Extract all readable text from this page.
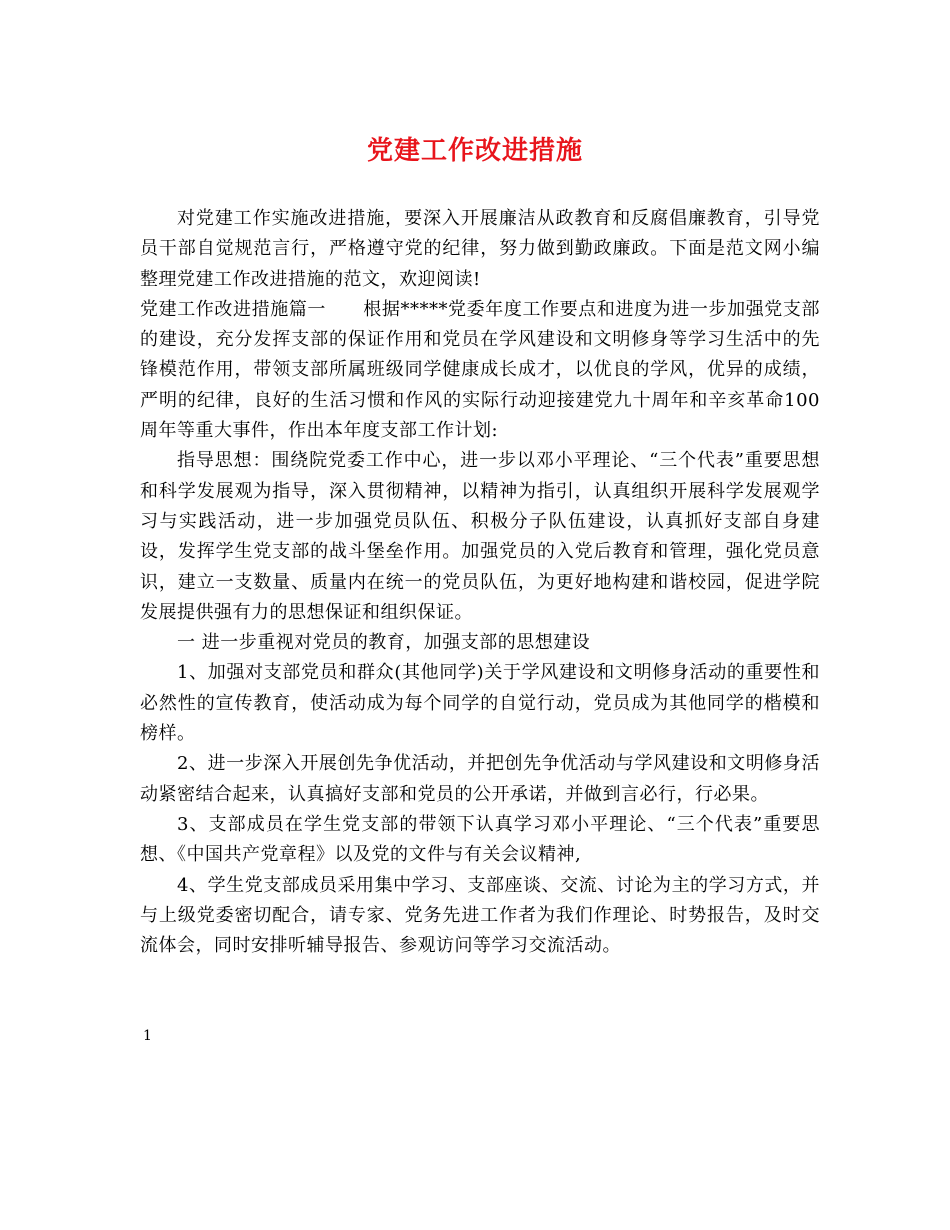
党建工作改进措施

对党建工作实施改进措施，要深入开展廉洁从政教育和反腐倡廉教育，引导党员干部自觉规范言行，严格遵守党的纪律，努力做到勤政廉政。下面是范文网小编整理党建工作改进措施的范文，欢迎阅读!

党建工作改进措施篇一　　根据*****党委年度工作要点和进度为进一步加强党支部的建设，充分发挥支部的保证作用和党员在学风建设和文明修身等学习生活中的先锋模范作用，带领支部所属班级同学健康成长成才，以优良的学风，优异的成绩，严明的纪律，良好的生活习惯和作风的实际行动迎接建党九十周年和辛亥革命100周年等重大事件，作出本年度支部工作计划:

指导思想：围绕院党委工作中心，进一步以邓小平理论、“三个代表”重要思想和科学发展观为指导，深入贯彻精神，以精神为指引，认真组织开展科学发展观学习与实践活动，进一步加强党员队伍、积极分子队伍建设，认真抓好支部自身建设，发挥学生党支部的战斗堡垒作用。加强党员的入党后教育和管理，强化党员意识，建立一支数量、质量内在统一的党员队伍，为更好地构建和谐校园，促进学院发展提供强有力的思想保证和组织保证。

一 进一步重视对党员的教育，加强支部的思想建设

1、加强对支部党员和群众(其他同学)关于学风建设和文明修身活动的重要性和必然性的宣传教育，使活动成为每个同学的自觉行动，党员成为其他同学的楷模和榜样。

2、进一步深入开展创先争优活动，并把创先争优活动与学风建设和文明修身活动紧密结合起来，认真搞好支部和党员的公开承诺，并做到言必行，行必果。

3、支部成员在学生党支部的带领下认真学习邓小平理论、“三个代表”重要思想、《中国共产党章程》以及党的文件与有关会议精神,

4、学生党支部成员采用集中学习、支部座谈、交流、讨论为主的学习方式，并与上级党委密切配合，请专家、党务先进工作者为我们作理论、时势报告，及时交流体会，同时安排听辅导报告、参观访问等学习交流活动。

1
